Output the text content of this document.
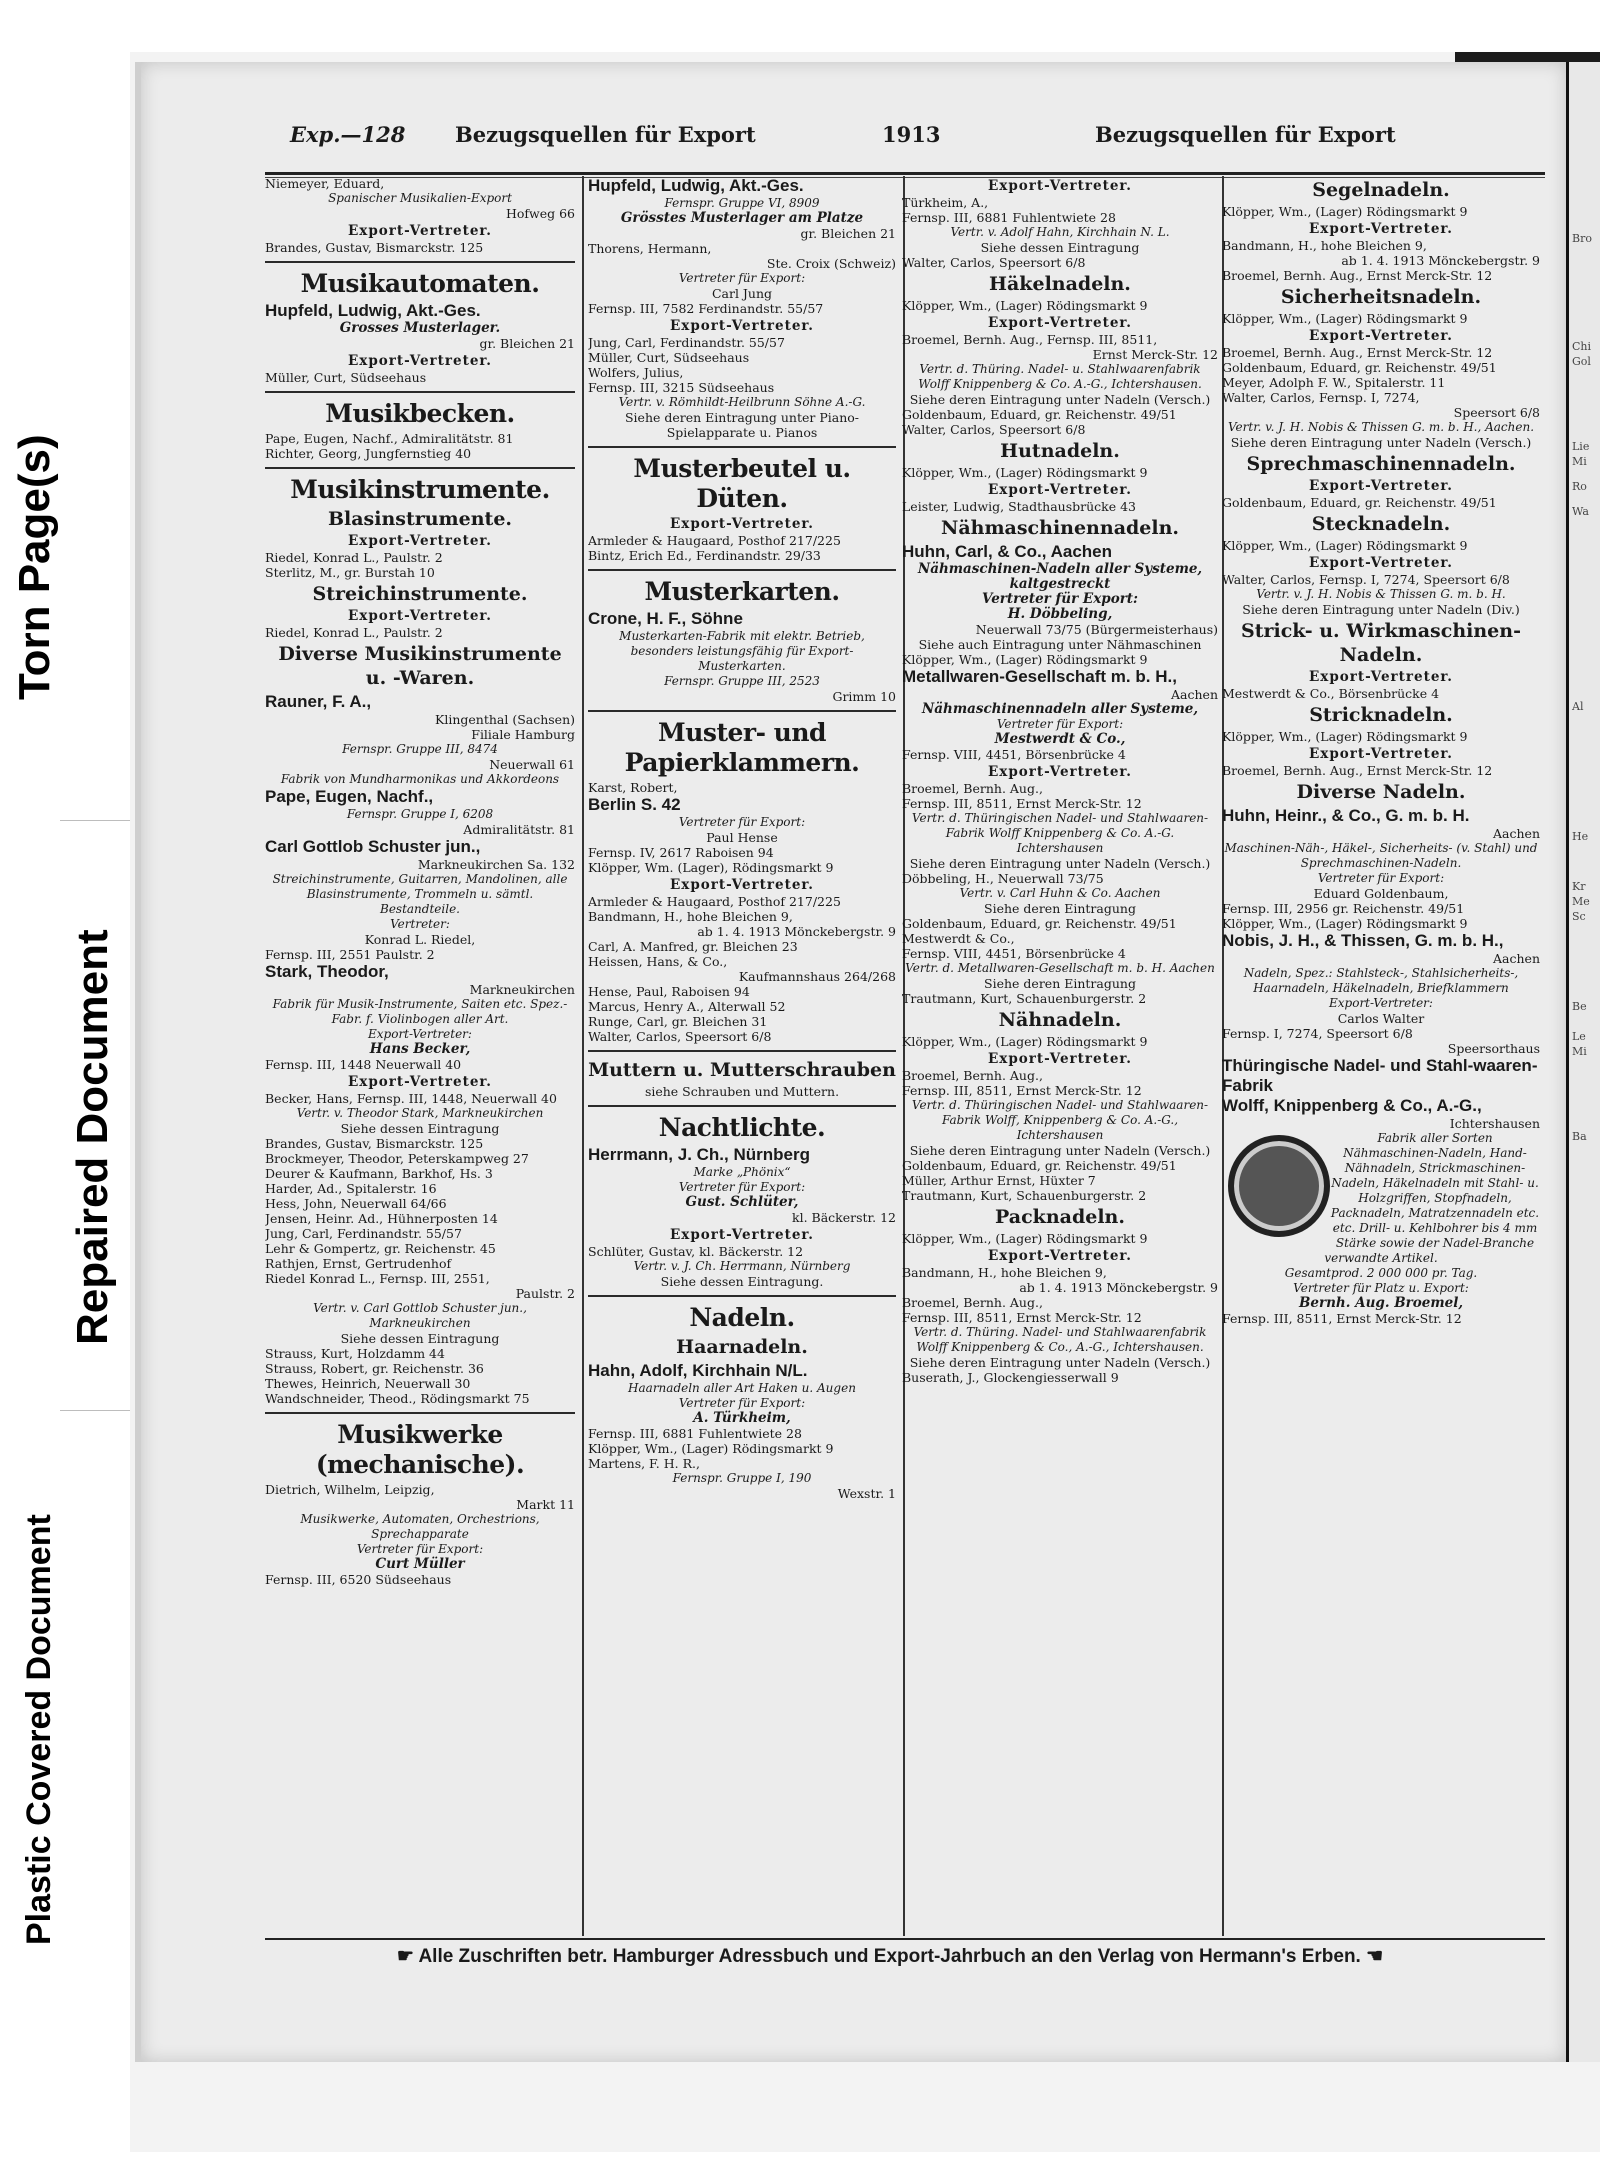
Torn Page(s)
Repaired Document
Plastic Covered Document
Bro
Chi
Gol
Lie
Mi
Ro
Wa
Al
He
Kr
Me
Sc
Be
Le
Mi
Ba
Exp.—128 Bezugsquellen für Export	1913	Bezugsquellen für Export
Niemeyer, Eduard,
Spanischer Musikalien-Export
Hofweg 66
Export-Vertreter.
Brandes, Gustav, Bismarckstr. 125
Musikautomaten.
Hupfeld, Ludwig, Akt.-Ges.
Grosses Musterlager.
gr. Bleichen 21
Export-Vertreter.
Müller, Curt, Südseehaus
Musikbecken.
Pape, Eugen, Nachf., Admiralitätstr. 81
Richter, Georg, Jungfernstieg 40
Musikinstrumente.
Blasinstrumente.
Export-Vertreter.
Riedel, Konrad L., Paulstr. 2
Sterlitz, M., gr. Burstah 10
Streichinstrumente.
Export-Vertreter.
Riedel, Konrad L., Paulstr. 2
Diverse Musikinstrumente u. -Waren.
Rauner, F. A.,
Klingenthal (Sachsen)
Filiale Hamburg
Fernspr. Gruppe III, 8474
Neuerwall 61
Fabrik von Mundharmonikas und Akkordeons
Pape, Eugen, Nachf.,
Fernspr. Gruppe I, 6208
Admiralitätstr. 81
Carl Gottlob Schuster jun.,
Markneukirchen Sa. 132
Streichinstrumente, Guitarren, Mandolinen, alle Blasinstrumente, Trommeln u. sämtl. Bestandteile.
Vertreter:
Konrad L. Riedel,
Fernsp. III, 2551 Paulstr. 2
Stark, Theodor,
Markneukirchen
Fabrik für Musik-Instrumente, Saiten etc. Spez.-Fabr. f. Violinbogen aller Art.
Export-Vertreter:
Hans Becker,
Fernsp. III, 1448 Neuerwall 40
Export-Vertreter.
Becker, Hans, Fernsp. III, 1448, Neuerwall 40
Vertr. v. Theodor Stark, Markneukirchen
Siehe dessen Eintragung
Brandes, Gustav, Bismarckstr. 125
Brockmeyer, Theodor, Peterskampweg 27
Deurer & Kaufmann, Barkhof, Hs. 3
Harder, Ad., Spitalerstr. 16
Hess, John, Neuerwall 64/66
Jensen, Heinr. Ad., Hühnerposten 14
Jung, Carl, Ferdinandstr. 55/57
Lehr & Gompertz, gr. Reichenstr. 45
Rathjen, Ernst, Gertrudenhof
Riedel Konrad L., Fernsp. III, 2551,
Paulstr. 2
Vertr. v. Carl Gottlob Schuster jun., Markneukirchen
Siehe dessen Eintragung
Strauss, Kurt, Holzdamm 44
Strauss, Robert, gr. Reichenstr. 36
Thewes, Heinrich, Neuerwall 30
Wandschneider, Theod., Rödingsmarkt 75
Musikwerke (mechanische).
Dietrich, Wilhelm, Leipzig,
Markt 11
Musikwerke, Automaten, Orchestrions, Sprechapparate
Vertreter für Export:
Curt Müller
Fernsp. III, 6520 Südseehaus
Hupfeld, Ludwig, Akt.-Ges.
Fernspr. Gruppe VI, 8909
Grösstes Musterlager am Platze
gr. Bleichen 21
Thorens, Hermann,
Ste. Croix (Schweiz)
Vertreter für Export:
Carl Jung
Fernsp. III, 7582 Ferdinandstr. 55/57
Export-Vertreter.
Jung, Carl, Ferdinandstr. 55/57
Müller, Curt, Südseehaus
Wolfers, Julius,
Fernsp. III, 3215 Südseehaus
Vertr. v. Römhildt-Heilbrunn Söhne A.-G.
Siehe deren Eintragung unter Piano-Spielapparate u. Pianos
Musterbeutel u. Düten.
Export-Vertreter.
Armleder & Haugaard, Posthof 217/225
Bintz, Erich Ed., Ferdinandstr. 29/33
Musterkarten.
Crone, H. F., Söhne
Musterkarten-Fabrik mit elektr. Betrieb, besonders leistungsfähig für Export-Musterkarten.
Fernspr. Gruppe III, 2523
Grimm 10
Muster- und Papierklammern.
Karst, Robert,
Berlin S. 42
Vertreter für Export:
Paul Hense
Fernsp. IV, 2617 Raboisen 94
Klöpper, Wm. (Lager), Rödingsmarkt 9
Export-Vertreter.
Armleder & Haugaard, Posthof 217/225
Bandmann, H., hohe Bleichen 9,
ab 1. 4. 1913 Mönckebergstr. 9
Carl, A. Manfred, gr. Bleichen 23
Heissen, Hans, & Co.,
Kaufmannshaus 264/268
Hense, Paul, Raboisen 94
Marcus, Henry A., Alterwall 52
Runge, Carl, gr. Bleichen 31
Walter, Carlos, Speersort 6/8
Muttern u. Mutterschrauben
siehe Schrauben und Muttern.
Nachtlichte.
Herrmann, J. Ch., Nürnberg
Marke „Phönix“
Vertreter für Export:
Gust. Schlüter,
kl. Bäckerstr. 12
Export-Vertreter.
Schlüter, Gustav, kl. Bäckerstr. 12
Vertr. v. J. Ch. Herrmann, Nürnberg
Siehe dessen Eintragung.
Nadeln.
Haarnadeln.
Hahn, Adolf, Kirchhain N/L.
Haarnadeln aller Art Haken u. Augen
Vertreter für Export:
A. Türkheim,
Fernsp. III, 6881 Fuhlentwiete 28
Klöpper, Wm., (Lager) Rödingsmarkt 9
Martens, F. H. R.,
Fernspr. Gruppe I, 190
Wexstr. 1
Export-Vertreter.
Türkheim, A.,
Fernsp. III, 6881 Fuhlentwiete 28
Vertr. v. Adolf Hahn, Kirchhain N. L.
Siehe dessen Eintragung
Walter, Carlos, Speersort 6/8
Häkelnadeln.
Klöpper, Wm., (Lager) Rödingsmarkt 9
Export-Vertreter.
Broemel, Bernh. Aug., Fernsp. III, 8511,
Ernst Merck-Str. 12
Vertr. d. Thüring. Nadel- u. Stahlwaarenfabrik Wolff Knippenberg & Co. A.-G., Ichtershausen.
Siehe deren Eintragung unter Nadeln (Versch.)
Goldenbaum, Eduard, gr. Reichenstr. 49/51
Walter, Carlos, Speersort 6/8
Hutnadeln.
Klöpper, Wm., (Lager) Rödingsmarkt 9
Export-Vertreter.
Leister, Ludwig, Stadthausbrücke 43
Nähmaschinennadeln.
Huhn, Carl, & Co., Aachen
Nähmaschinen-Nadeln aller Systeme, kaltgestreckt
Vertreter für Export:
H. Döbbeling,
Neuerwall 73/75 (Bürgermeisterhaus)
Siehe auch Eintragung unter Nähmaschinen
Klöpper, Wm., (Lager) Rödingsmarkt 9
Metallwaren-Gesellschaft m. b. H.,
Aachen
Nähmaschinennadeln aller Systeme,
Vertreter für Export:
Mestwerdt & Co.,
Fernsp. VIII, 4451, Börsenbrücke 4
Export-Vertreter.
Broemel, Bernh. Aug.,
Fernsp. III, 8511, Ernst Merck-Str. 12
Vertr. d. Thüringischen Nadel- und Stahlwaaren-Fabrik Wolff Knippenberg & Co. A.-G. Ichtershausen
Siehe deren Eintragung unter Nadeln (Versch.)
Döbbeling, H., Neuerwall 73/75
Vertr. v. Carl Huhn & Co. Aachen
Siehe deren Eintragung
Goldenbaum, Eduard, gr. Reichenstr. 49/51
Mestwerdt & Co.,
Fernsp. VIII, 4451, Börsenbrücke 4
Vertr. d. Metallwaren-Gesellschaft m. b. H. Aachen
Siehe deren Eintragung
Trautmann, Kurt, Schauenburgerstr. 2
Nähnadeln.
Klöpper, Wm., (Lager) Rödingsmarkt 9
Export-Vertreter.
Broemel, Bernh. Aug.,
Fernsp. III, 8511, Ernst Merck-Str. 12
Vertr. d. Thüringischen Nadel- und Stahlwaaren-Fabrik Wolff, Knippenberg & Co. A.-G., Ichtershausen
Siehe deren Eintragung unter Nadeln (Versch.)
Goldenbaum, Eduard, gr. Reichenstr. 49/51
Müller, Arthur Ernst, Hüxter 7
Trautmann, Kurt, Schauenburgerstr. 2
Packnadeln.
Klöpper, Wm., (Lager) Rödingsmarkt 9
Export-Vertreter.
Bandmann, H., hohe Bleichen 9,
ab 1. 4. 1913 Mönckebergstr. 9
Broemel, Bernh. Aug.,
Fernsp. III, 8511, Ernst Merck-Str. 12
Vertr. d. Thüring. Nadel- und Stahlwaarenfabrik Wolff Knippenberg & Co., A.-G., Ichtershausen.
Siehe deren Eintragung unter Nadeln (Versch.)
Buserath, J., Glockengiesserwall 9
Segelnadeln.
Klöpper, Wm., (Lager) Rödingsmarkt 9
Export-Vertreter.
Bandmann, H., hohe Bleichen 9,
ab 1. 4. 1913 Mönckebergstr. 9
Broemel, Bernh. Aug., Ernst Merck-Str. 12
Sicherheitsnadeln.
Klöpper, Wm., (Lager) Rödingsmarkt 9
Export-Vertreter.
Broemel, Bernh. Aug., Ernst Merck-Str. 12
Goldenbaum, Eduard, gr. Reichenstr. 49/51
Meyer, Adolph F. W., Spitalerstr. 11
Walter, Carlos, Fernsp. I, 7274,
Speersort 6/8
Vertr. v. J. H. Nobis & Thissen G. m. b. H., Aachen.
Siehe deren Eintragung unter Nadeln (Versch.)
Sprechmaschinennadeln.
Export-Vertreter.
Goldenbaum, Eduard, gr. Reichenstr. 49/51
Stecknadeln.
Klöpper, Wm., (Lager) Rödingsmarkt 9
Export-Vertreter.
Walter, Carlos, Fernsp. I, 7274, Speersort 6/8
Vertr. v. J. H. Nobis & Thissen G. m. b. H.
Siehe deren Eintragung unter Nadeln (Div.)
Strick- u. Wirkmaschinen-Nadeln.
Export-Vertreter.
Mestwerdt & Co., Börsenbrücke 4
Stricknadeln.
Klöpper, Wm., (Lager) Rödingsmarkt 9
Export-Vertreter.
Broemel, Bernh. Aug., Ernst Merck-Str. 12
Diverse Nadeln.
Huhn, Heinr., & Co., G. m. b. H.
Aachen
Maschinen-Näh-, Häkel-, Sicherheits- (v. Stahl) und Sprechmaschinen-Nadeln.
Vertreter für Export:
Eduard Goldenbaum,
Fernsp. III, 2956 gr. Reichenstr. 49/51
Klöpper, Wm., (Lager) Rödingsmarkt 9
Nobis, J. H., & Thissen, G. m. b. H.,
Aachen
Nadeln, Spez.: Stahlsteck-, Stahlsicherheits-, Haarnadeln, Häkelnadeln, Briefklammern
Export-Vertreter:
Carlos Walter
Fernsp. I, 7274, Speersort 6/8
Speersorthaus
Thüringische Nadel- und Stahl-waaren-Fabrik
Wolff, Knippenberg & Co., A.-G.,
Ichtershausen
Fabrik aller Sorten Nähmaschinen-Nadeln, Hand-Nähnadeln, Strickmaschinen-Nadeln, Häkelnadeln mit Stahl- u. Holzgriffen, Stopfnadeln, Packnadeln, Matratzennadeln etc. etc. Drill- u. Kehlbohrer bis 4 mm Stärke sowie der Nadel-Branche verwandte Artikel.
Gesamtprod. 2 000 000 pr. Tag.
Vertreter für Platz u. Export:
Bernh. Aug. Broemel,
Fernsp. III, 8511, Ernst Merck-Str. 12
☛ Alle Zuschriften betr. Hamburger Adressbuch und Export-Jahrbuch an den Verlag von Hermann's Erben. ☚
